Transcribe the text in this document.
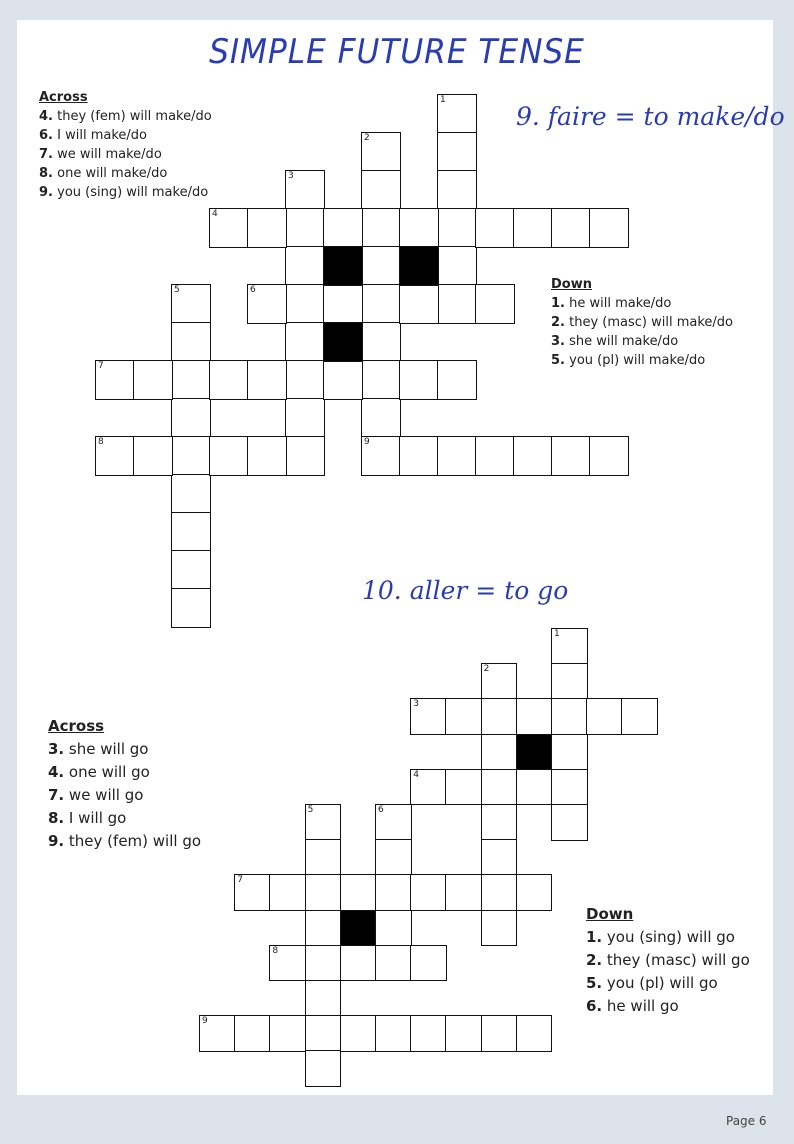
SIMPLE FUTURE TENSE
9. faire = to make/do
Across
4. they (fem) will make/do
6. I will make/do
7. we will make/do
8. one will make/do
9. you (sing) will make/do
Down
1. he will make/do
2. they (masc) will make/do
3. she will make/do
5. you (pl) will make/do
1
2
9
3
4
5	6
7
8
10. aller = to go
Across
3. she will go
4. one will go
7. we will go
8. I will go
9. they (fem) will go
Down
1. you (sing) will go
2. they (masc) will go
5. you (pl) will go
6. he will go
1
2
3
4
5	6
7
8
9
Page 6
